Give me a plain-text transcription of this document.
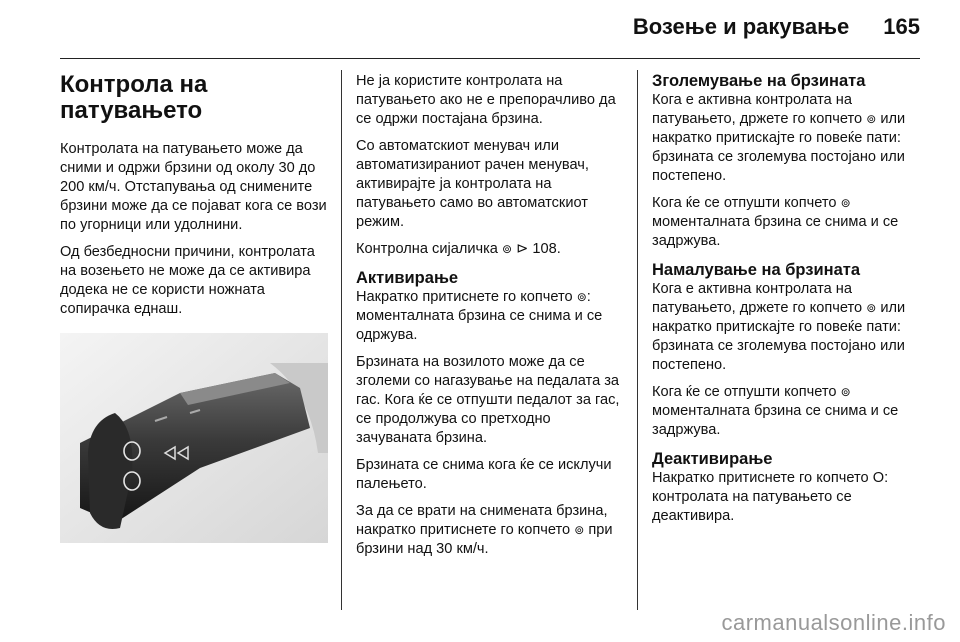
Возење и ракување 165
Контрола на патувањето

Контролата на патувањето може да сними и одржи брзини од околу 30 до 200 км/ч. Отстапувања од снимените брзини може да се појават кога се вози по угорници или удолнини.

Од безбедносни причини, контролата на возењето не може да се активира додека не се користи ножната сопирачка еднаш.

Не ја користите контролата на патувањето ако не е препорачливо да се одржи постајана брзина.

Со автоматскиот менувач или автоматизираниот рачен менувач, активирајте ја контролата на патувањето само во автоматскиот режим.

Контролна сијаличка ⊚ ⊳ 108.

Активирање

Накратко притиснете го копчето ⊚: моменталната брзина се снима и се одржува.

Брзината на возилото може да се зголеми со нагазување на педалата за гас. Кога ќе се отпушти педалот за гас, се продолжува со претходно зачуваната брзина.

Брзината се снима кога ќе се исклучи палењето.

За да се врати на снимената брзина, накратко притиснете го копчето ⊚ при брзини над 30 км/ч.

Зголемување на брзината

Кога е активна контролата на патувањето, држете го копчето ⊚ или накратко притискајте го повеќе пати: брзината се зголемува постојано или постепено.

Кога ќе се отпушти копчето ⊚ моменталната брзина се снима и се задржува.

Намалување на брзината

Кога е активна контролата на патувањето, држете го копчето ⊚ или накратко притискајте го повеќе пати: брзината се зголемува постојано или постепено.

Кога ќе се отпушти копчето ⊚ моменталната брзина се снима и се задржува.

Деактивирање

Накратко притиснете го копчето O: контролата на патувањето се деактивира.

carmanualsonline.info
